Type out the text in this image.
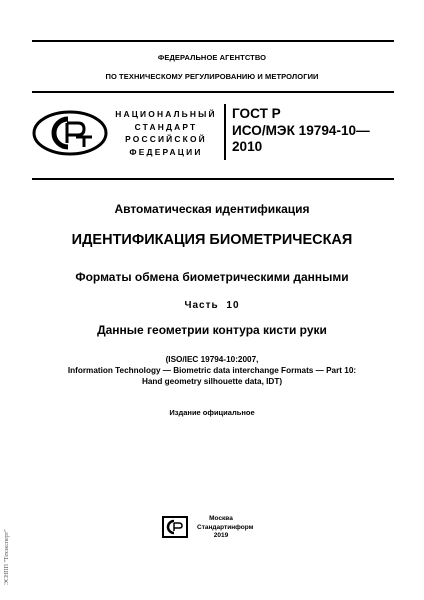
ФЕДЕРАЛЬНОЕ АГЕНТСТВО
ПО ТЕХНИЧЕСКОМУ РЕГУЛИРОВАНИЮ И МЕТРОЛОГИИ
НАЦИОНАЛЬНЫЙ
СТАНДАРТ
РОССИЙСКОЙ
ФЕДЕРАЦИИ
ГОСТ Р
ИСО/МЭК 19794-10—
2010
Автоматическая идентификация
ИДЕНТИФИКАЦИЯ БИОМЕТРИЧЕСКАЯ
Форматы обмена биометрическими данными
Часть 10
Данные геометрии контура кисти руки
(ISO/IEC 19794-10:2007,
Information Technology — Biometric data interchange Formats — Part 10:
Hand geometry silhouette data, IDT)
Издание официальное
Москва
Стандартинформ
2019
ЭСНПП "Техэксперт"
